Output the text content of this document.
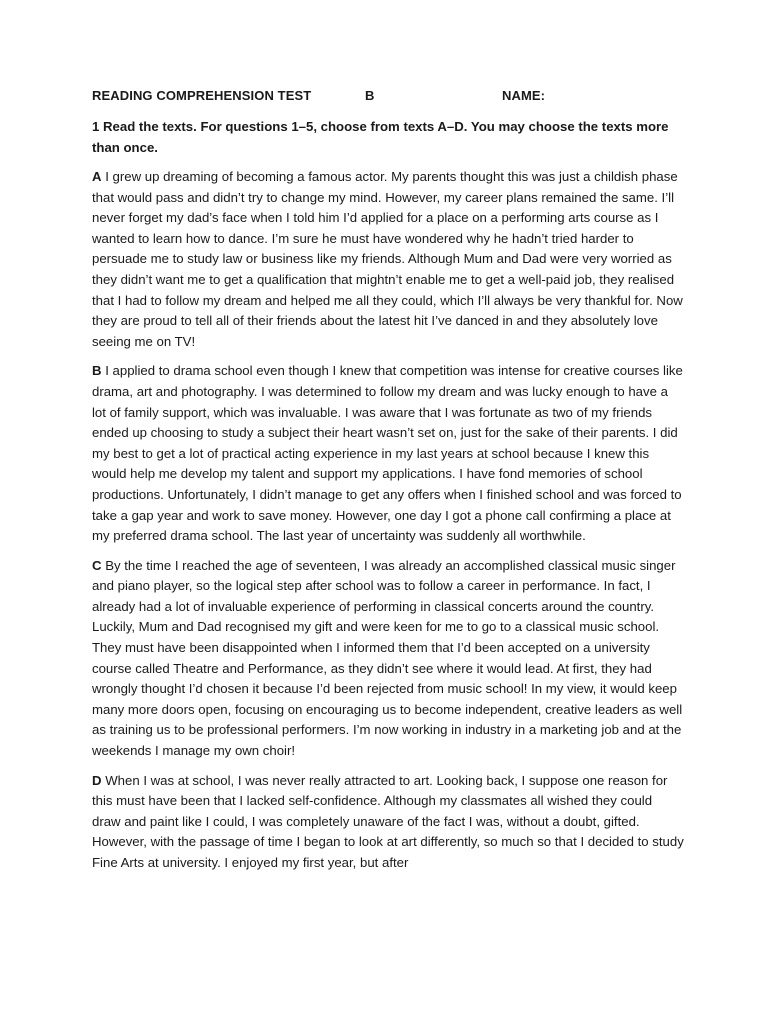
READING COMPREHENSION TEST	B	NAME:
1 Read the texts. For questions 1–5, choose from texts A–D. You may choose the texts more than once.
A I grew up dreaming of becoming a famous actor. My parents thought this was just a childish phase that would pass and didn’t try to change my mind. However, my career plans remained the same. I’ll never forget my dad’s face when I told him I’d applied for a place on a performing arts course as I wanted to learn how to dance. I’m sure he must have wondered why he hadn’t tried harder to persuade me to study law or business like my friends. Although Mum and Dad were very worried as they didn’t want me to get a qualification that mightn’t enable me to get a well-paid job, they realised that I had to follow my dream and helped me all they could, which I’ll always be very thankful for. Now they are proud to tell all of their friends about the latest hit I’ve danced in and they absolutely love seeing me on TV!
B I applied to drama school even though I knew that competition was intense for creative courses like drama, art and photography. I was determined to follow my dream and was lucky enough to have a lot of family support, which was invaluable. I was aware that I was fortunate as two of my friends ended up choosing to study a subject their heart wasn’t set on, just for the sake of their parents. I did my best to get a lot of practical acting experience in my last years at school because I knew this would help me develop my talent and support my applications. I have fond memories of school productions. Unfortunately, I didn’t manage to get any offers when I finished school and was forced to take a gap year and work to save money. However, one day I got a phone call confirming a place at my preferred drama school. The last year of uncertainty was suddenly all worthwhile.
C By the time I reached the age of seventeen, I was already an accomplished classical music singer and piano player, so the logical step after school was to follow a career in performance. In fact, I already had a lot of invaluable experience of performing in classical concerts around the country. Luckily, Mum and Dad recognised my gift and were keen for me to go to a classical music school. They must have been disappointed when I informed them that I’d been accepted on a university course called Theatre and Performance, as they didn’t see where it would lead. At first, they had wrongly thought I’d chosen it because I’d been rejected from music school! In my view, it would keep many more doors open, focusing on encouraging us to become independent, creative leaders as well as training us to be professional performers. I’m now working in industry in a marketing job and at the weekends I manage my own choir!
D When I was at school, I was never really attracted to art. Looking back, I suppose one reason for this must have been that I lacked self-confidence. Although my classmates all wished they could draw and paint like I could, I was completely unaware of the fact I was, without a doubt, gifted. However, with the passage of time I began to look at art differently, so much so that I decided to study Fine Arts at university. I enjoyed my first year, but after
